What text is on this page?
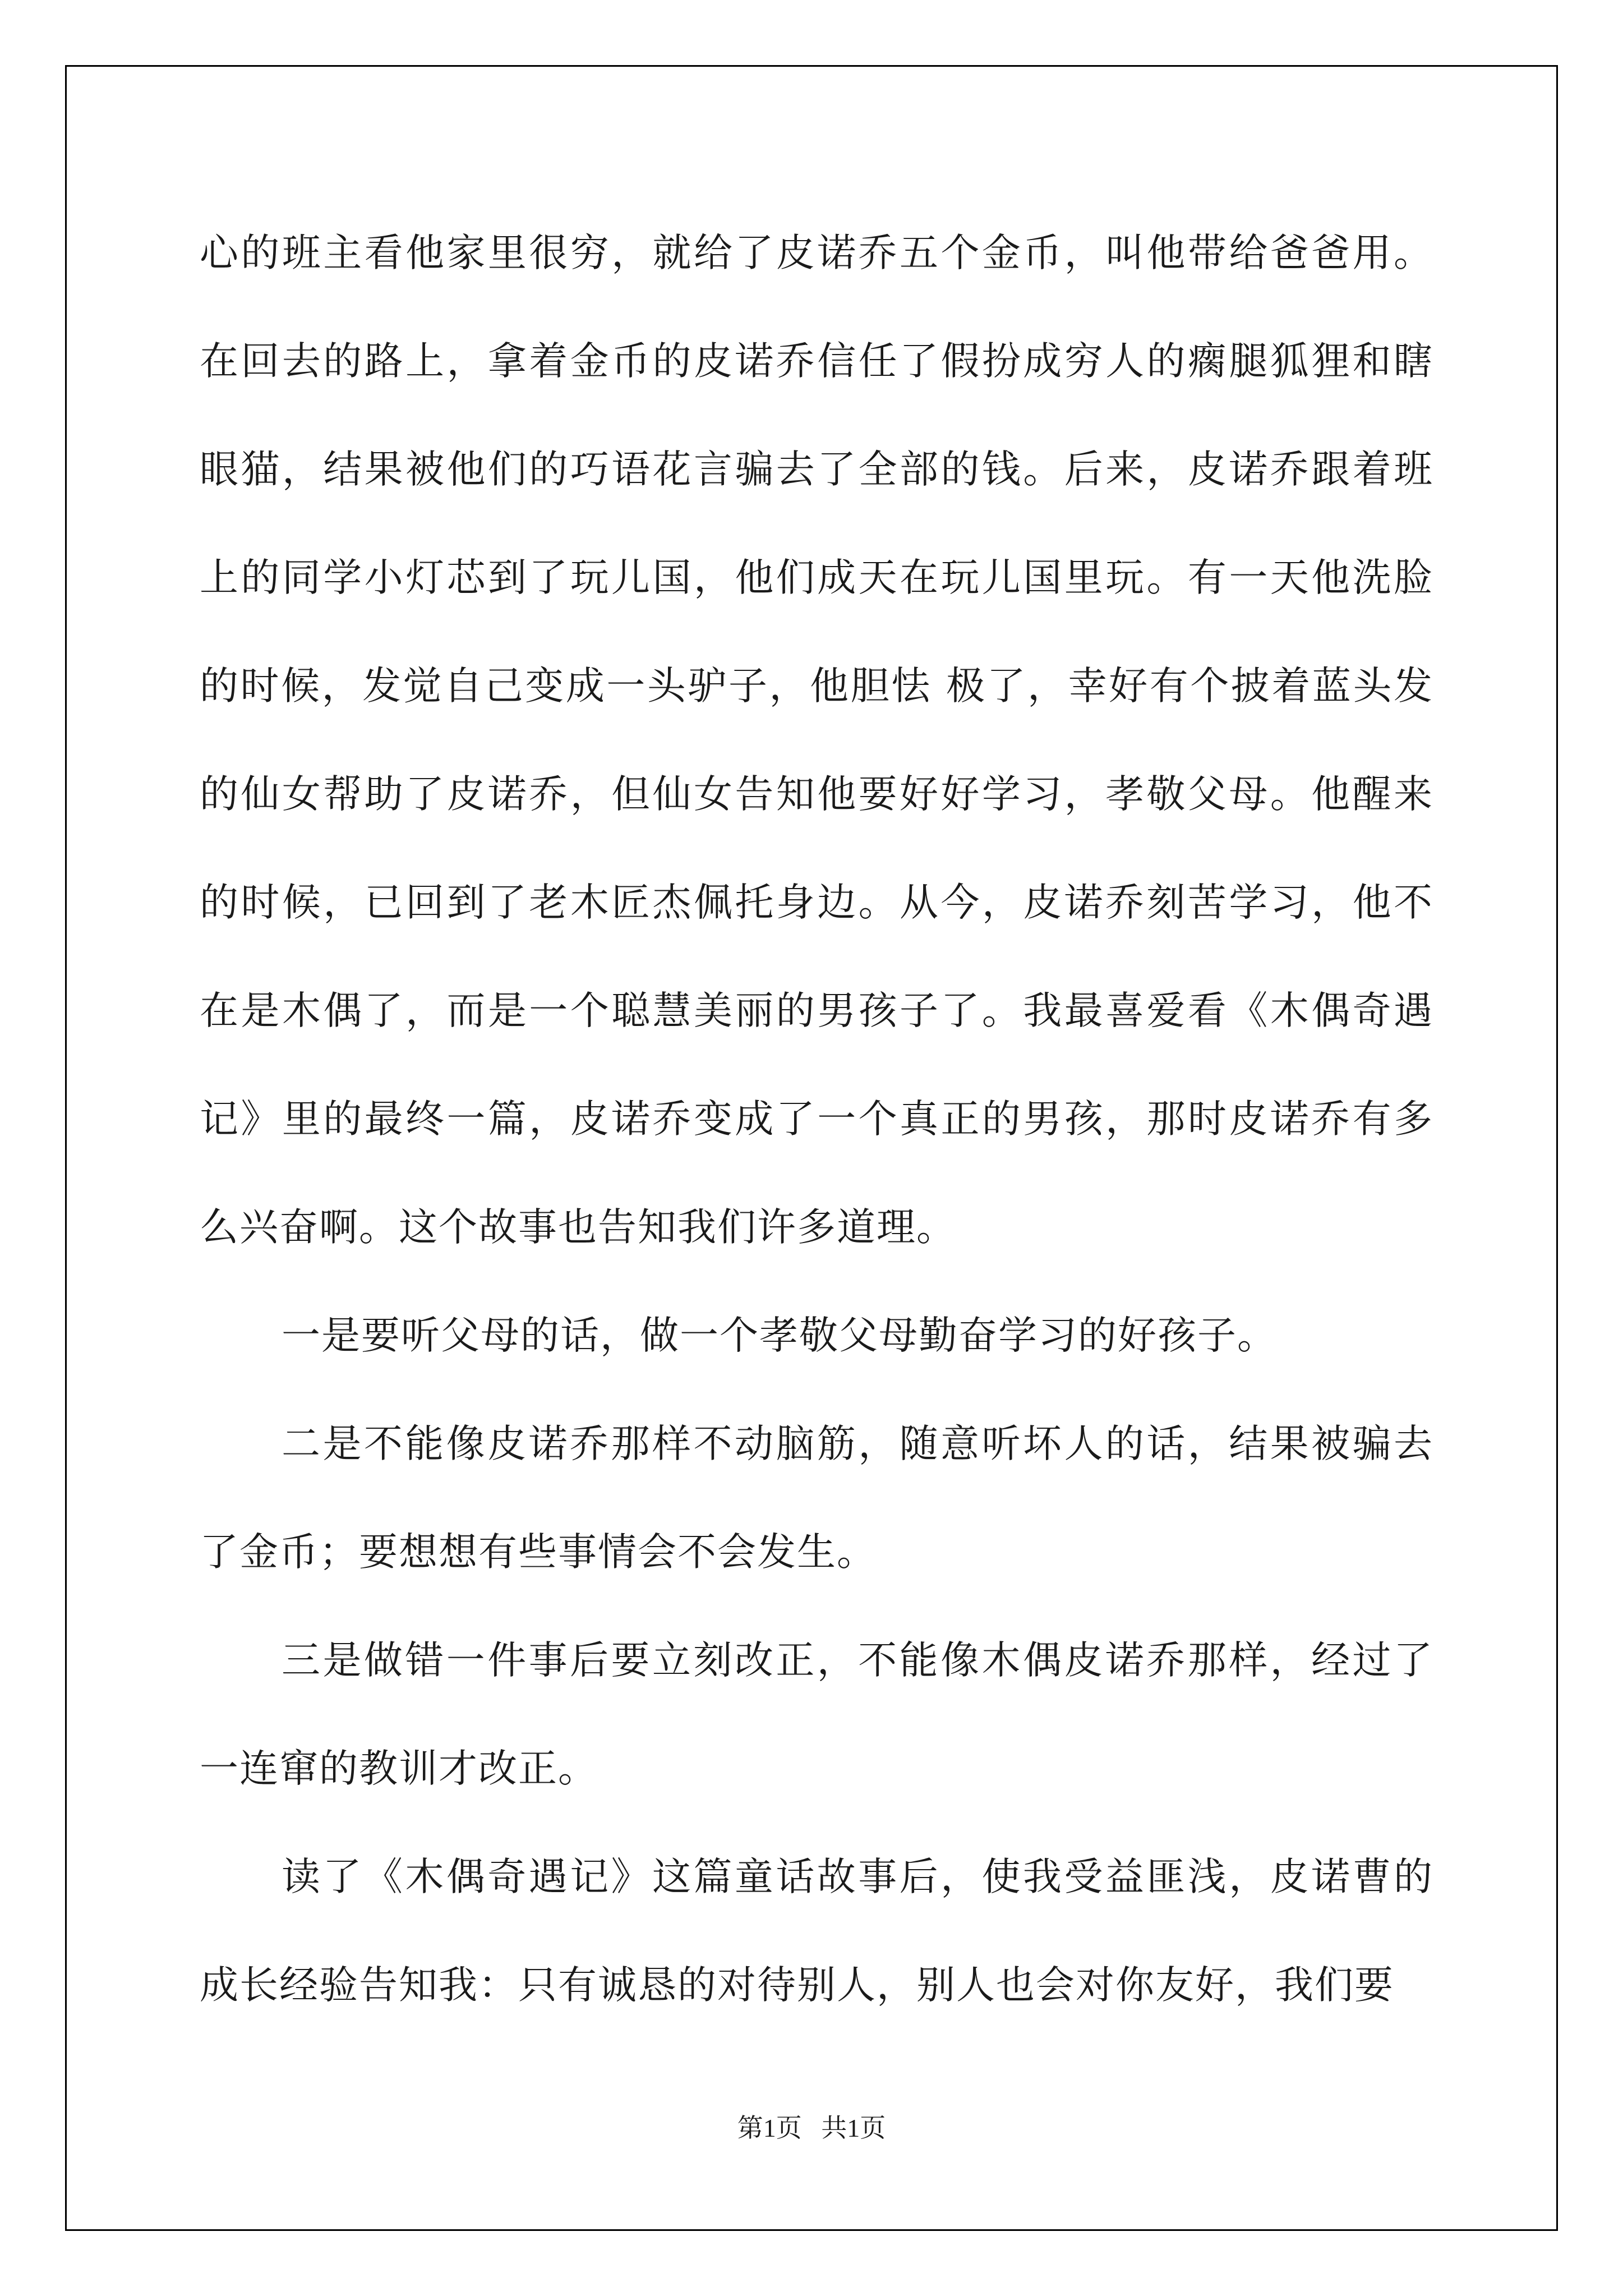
心的班主看他家里很穷，就给了皮诺乔五个金币，叫他带给爸爸用。在回去的路上，拿着金币的皮诺乔信任了假扮成穷人的瘸腿狐狸和瞎眼猫，结果被他们的巧语花言骗去了全部的钱。后来，皮诺乔跟着班上的同学小灯芯到了玩儿国，他们成天在玩儿国里玩。有一天他洗脸的时候，发觉自己变成一头驴子，他胆怯 极了，幸好有个披着蓝头发的仙女帮助了皮诺乔，但仙女告知他要好好学习，孝敬父母。他醒来的时候，已回到了老木匠杰佩托身边。从今，皮诺乔刻苦学习，他不在是木偶了，而是一个聪慧美丽的男孩子了。我最喜爱看《木偶奇遇记》里的最终一篇，皮诺乔变成了一个真正的男孩，那时皮诺乔有多么兴奋啊。这个故事也告知我们许多道理。

一是要听父母的话，做一个孝敬父母勤奋学习的好孩子。

二是不能像皮诺乔那样不动脑筋，随意听坏人的话，结果被骗去了金币；要想想有些事情会不会发生。

三是做错一件事后要立刻改正，不能像木偶皮诺乔那样，经过了一连窜的教训才改正。

读了《木偶奇遇记》这篇童话故事后，使我受益匪浅，皮诺曹的成长经验告知我：只有诚恳的对待别人，别人也会对你友好，我们要

第1页   共1页
